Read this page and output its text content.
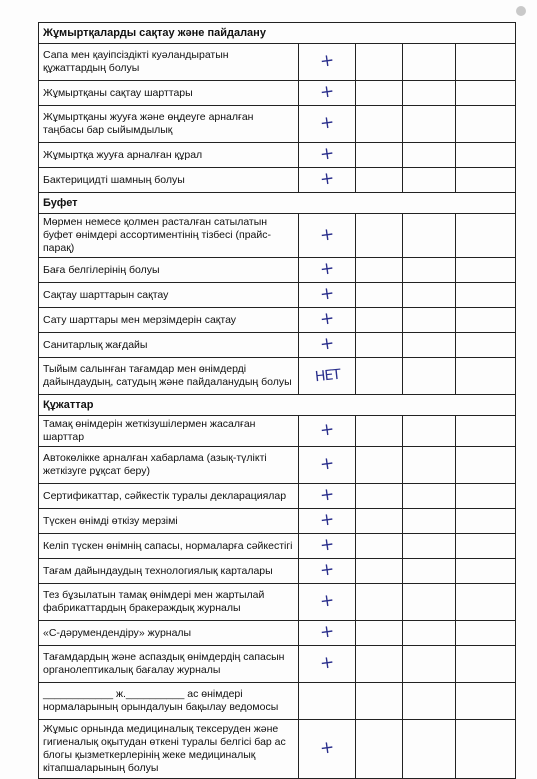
Жұмыртқаларды сақтау және пайдалану				
Сапа мен қауіпсіздікті куәландыратын құжаттардың болуы	+			
Жұмыртқаны сақтау шарттары	+			
Жұмыртқаны жууға және өңдеуге арналған таңбасы бар сыйымдылық	+			
Жұмыртқа жууға арналған құрал	+			
Бактерицидті шамның болуы	+			
Буфет				
Мөрмен немесе қолмен расталған сатылатын буфет өнімдері ассортиментінің тізбесі (прайс-парақ)	+			
Баға белгілерінің болуы	+			
Сақтау шарттарын сақтау	+			
Сату шарттары мен мерзімдерін сақтау	+			
Санитарлық жағдайы	+			
Тыйым салынған тағамдар мен өнімдерді дайындаудың, сатудың және пайдаланудың болуы	НЕТ			
Құжаттар				
Тамақ өнімдерін жеткізушілермен жасалған шарттар	+			
Автокөлікке арналған хабарлама (азық-түлікті жеткізуге рұқсат беру)	+			
Сертификаттар, сәйкестік туралы декларациялар	+			
Түскен өнімді өткізу мерзімі	+			
Келіп түскен өнімнің сапасы, нормаларға сәйкестігі	+			
Тағам дайындаудың технологиялық карталары	+			
Тез бұзылатын тамақ өнімдері мен жартылай фабрикаттардың бракераждық журналы	+			
«С-дәрумендендіру» журналы	+			
Тағамдардың және аспаздық өнімдердің сапасын органолептикалық бағалау журналы	+			
____________ ж.__________ ас өнімдері нормаларының орындалуын бақылау ведомосы				
Жұмыс орнында медициналық тексеруден және гигиеналық оқытудан өткені туралы белгісі бар ас блогы қызметкерлерінің жеке медициналық кітапшаларының болуы	+			
